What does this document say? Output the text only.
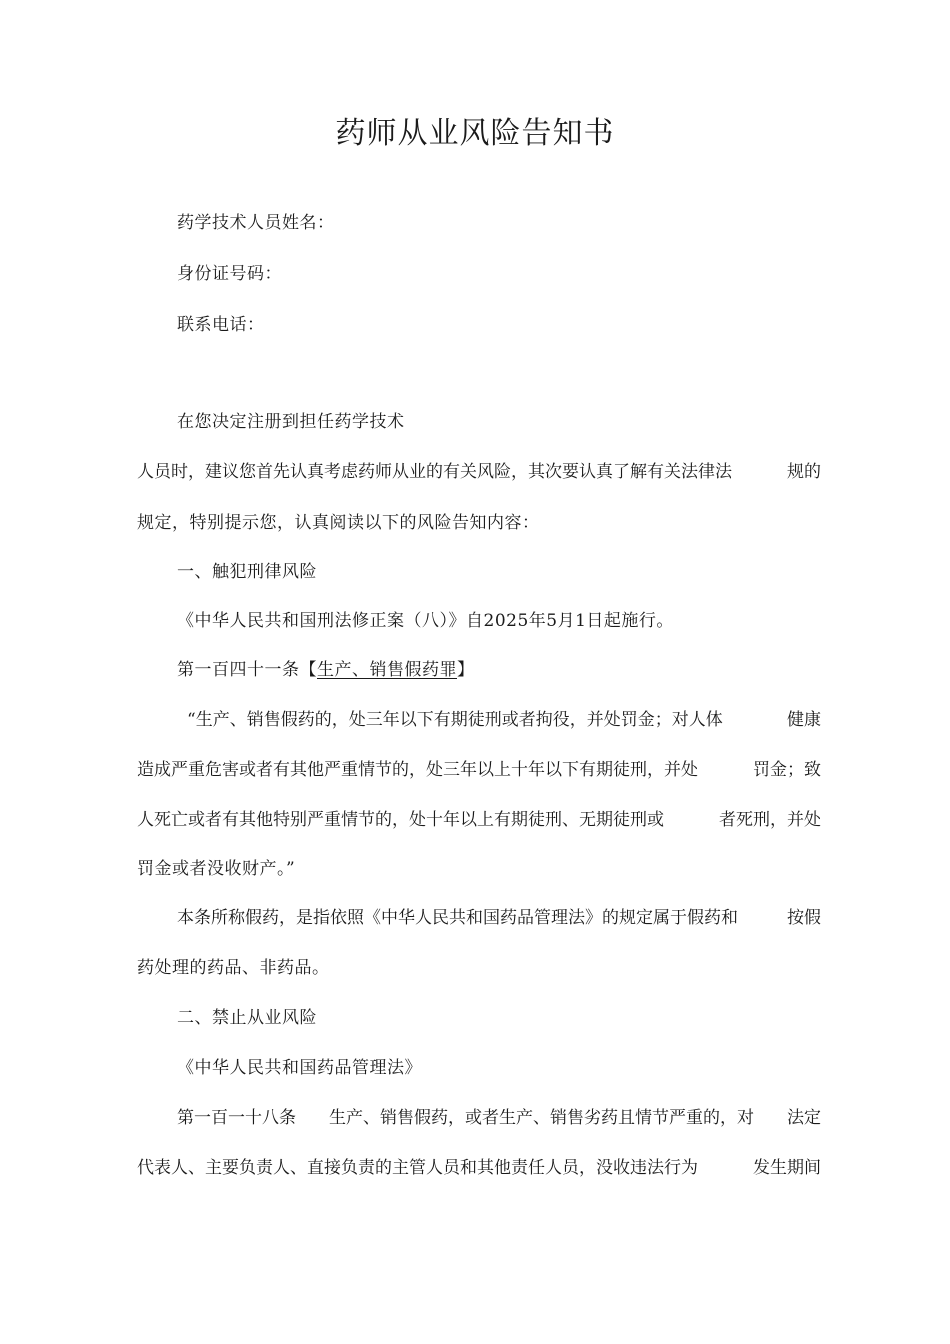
药师从业风险告知书
药学技术人员姓名：
身份证号码：
联系电话：
在您决定注册到担任药学技术
人员时，建议您首先认真考虑药师从业的有关风险，其次要认真了解有关法律法	规的
规定，特别提示您，认真阅读以下的风险告知内容：
一、触犯刑律风险
《中华人民共和国刑法修正案（八）》自2025年5月1日起施行。
第一百四十一条【生产、销售假药罪】
“生产、销售假药的，处三年以下有期徒刑或者拘役，并处罚金；对人体	健康
造成严重危害或者有其他严重情节的，处三年以上十年以下有期徒刑，并处	罚金；致
人死亡或者有其他特别严重情节的，处十年以上有期徒刑、无期徒刑或	者死刑，并处
罚金或者没收财产。”
本条所称假药，是指依照《中华人民共和国药品管理法》的规定属于假药和	按假
药处理的药品、非药品。
二、禁止从业风险
《中华人民共和国药品管理法》
第一百一十八条 生产、销售假药，或者生产、销售劣药且情节严重的，对 法定
代表人、主要负责人、直接负责的主管人员和其他责任人员，没收违法行为	发生期间
